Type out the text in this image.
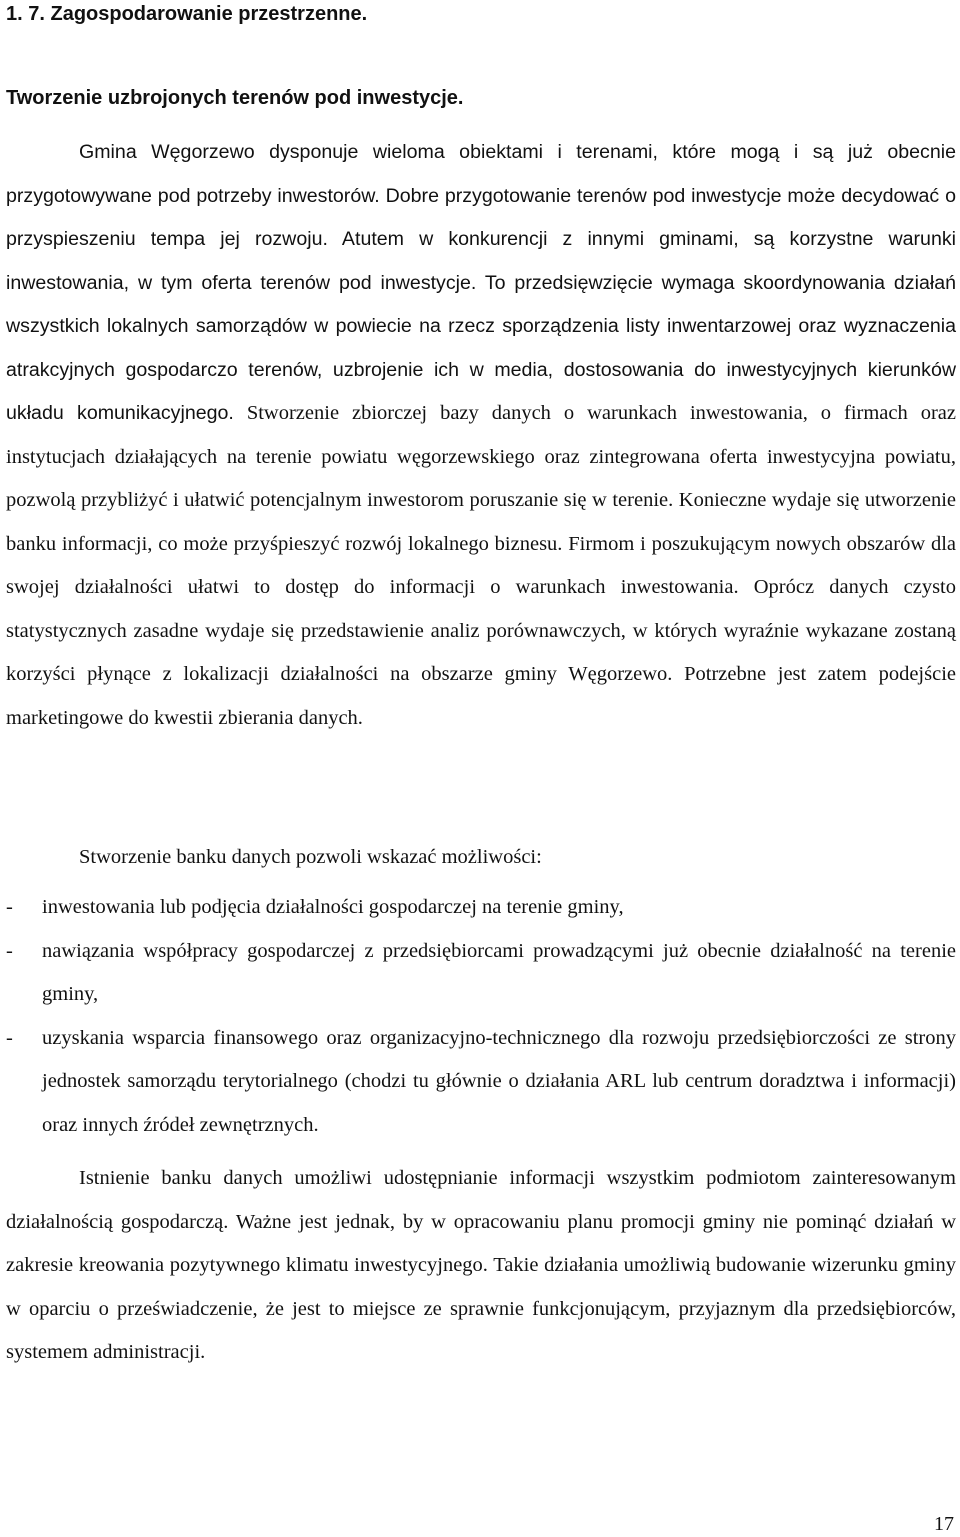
1. 7. Zagospodarowanie przestrzenne.
Tworzenie uzbrojonych terenów pod inwestycje.

Gmina Węgorzewo dysponuje wieloma obiektami i terenami, które mogą i są już obecnie przygotowywane pod potrzeby inwestorów. Dobre przygotowanie terenów pod inwestycje może decydować o przyspieszeniu tempa jej rozwoju. Atutem w konkurencji z innymi gminami, są korzystne warunki inwestowania, w tym oferta terenów pod inwestycje. To przedsięwzięcie wymaga skoordynowania działań wszystkich lokalnych samorządów w powiecie na rzecz sporządzenia listy inwentarzowej oraz wyznaczenia atrakcyjnych gospodarczo terenów, uzbrojenie ich w media, dostosowania do inwestycyjnych kierunków układu komunikacyjnego. Stworzenie zbiorczej bazy danych o warunkach inwestowania, o firmach oraz instytucjach działających na terenie powiatu węgorzewskiego oraz zintegrowana oferta inwestycyjna powiatu, pozwolą przybliżyć i ułatwić potencjalnym inwestorom poruszanie się w terenie. Konieczne wydaje się utworzenie banku informacji, co może przyśpieszyć rozwój lokalnego biznesu. Firmom i poszukującym nowych obszarów dla swojej działalności ułatwi to dostęp do informacji o warunkach inwestowania. Oprócz danych czysto statystycznych zasadne wydaje się przedstawienie analiz porównawczych, w których wyraźnie wykazane zostaną korzyści płynące z lokalizacji działalności na obszarze gminy Węgorzewo. Potrzebne jest zatem podejście marketingowe do kwestii zbierania danych.

Stworzenie banku danych pozwoli wskazać możliwości:

- inwestowania lub podjęcia działalności gospodarczej na terenie gminy,
- nawiązania współpracy gospodarczej z przedsiębiorcami prowadzącymi już obecnie działalność na terenie gminy,
- uzyskania wsparcia finansowego oraz organizacyjno-technicznego dla rozwoju przedsiębiorczości ze strony jednostek samorządu terytorialnego (chodzi tu głównie o działania ARL lub centrum doradztwa i informacji) oraz innych źródeł zewnętrznych.

Istnienie banku danych umożliwi udostępnianie informacji wszystkim podmiotom zainteresowanym działalnością gospodarczą. Ważne jest jednak, by w opracowaniu planu promocji gminy nie pominąć działań w zakresie kreowania pozytywnego klimatu inwestycyjnego. Takie działania umożliwią budowanie wizerunku gminy w oparciu o przeświadczenie, że jest to miejsce ze sprawnie funkcjonującym, przyjaznym dla przedsiębiorców, systemem administracji.

17
